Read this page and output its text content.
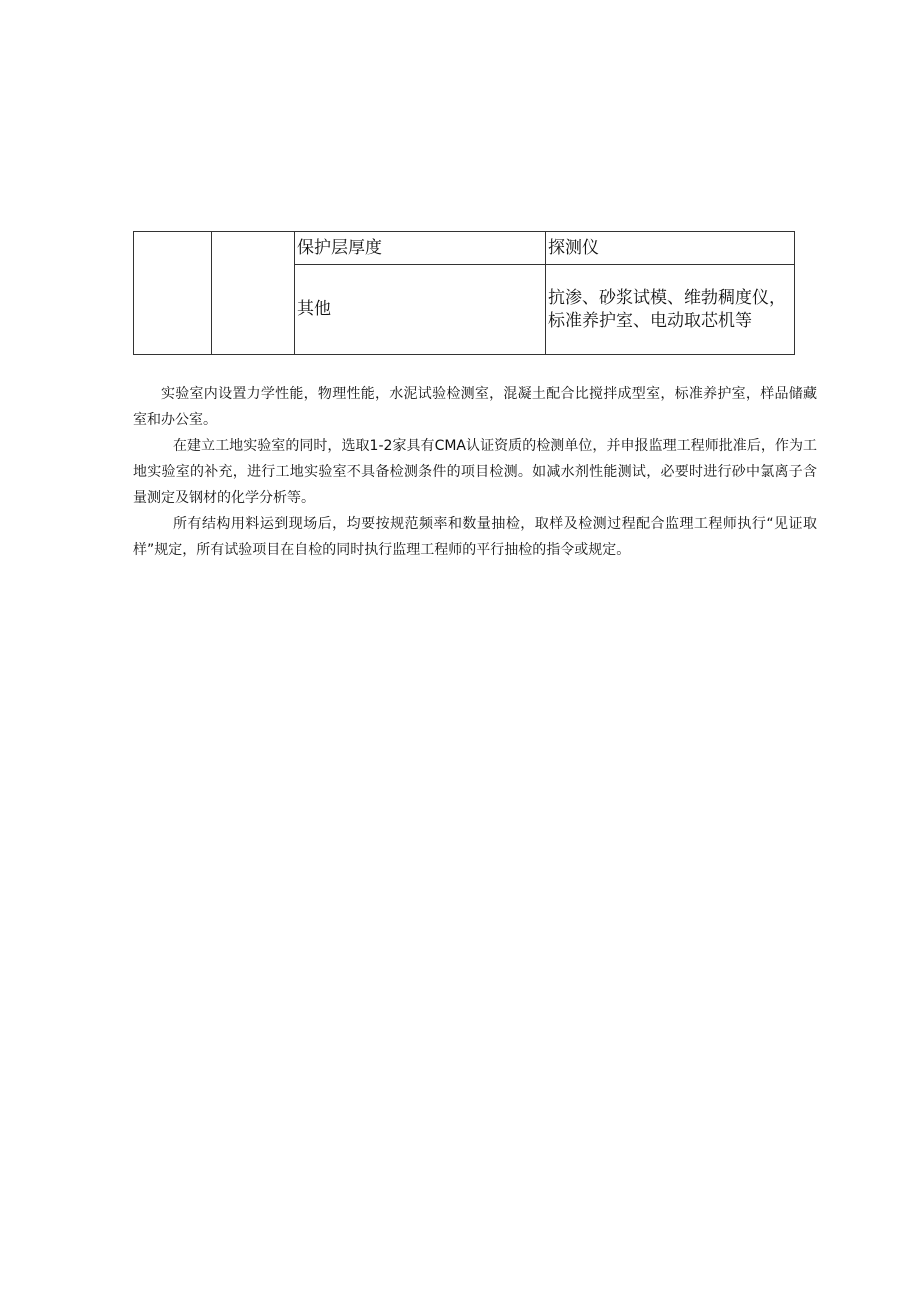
		保护层厚度	探测仪
		其他	抗渗、砂浆试模、维勃稠度仪，标准养护室、电动取芯机等

实验室内设置力学性能，物理性能，水泥试验检测室，混凝土配合比搅拌成型室，标准养护室，样品储藏室和办公室。

在建立工地实验室的同时，选取1-2家具有CMA认证资质的检测单位，并申报监理工程师批准后，作为工地实验室的补充，进行工地实验室不具备检测条件的项目检测。如减水剂性能测试，必要时进行砂中氯离子含量测定及钢材的化学分析等。

所有结构用料运到现场后，均要按规范频率和数量抽检，取样及检测过程配合监理工程师执行“见证取样”规定，所有试验项目在自检的同时执行监理工程师的平行抽检的指令或规定。
